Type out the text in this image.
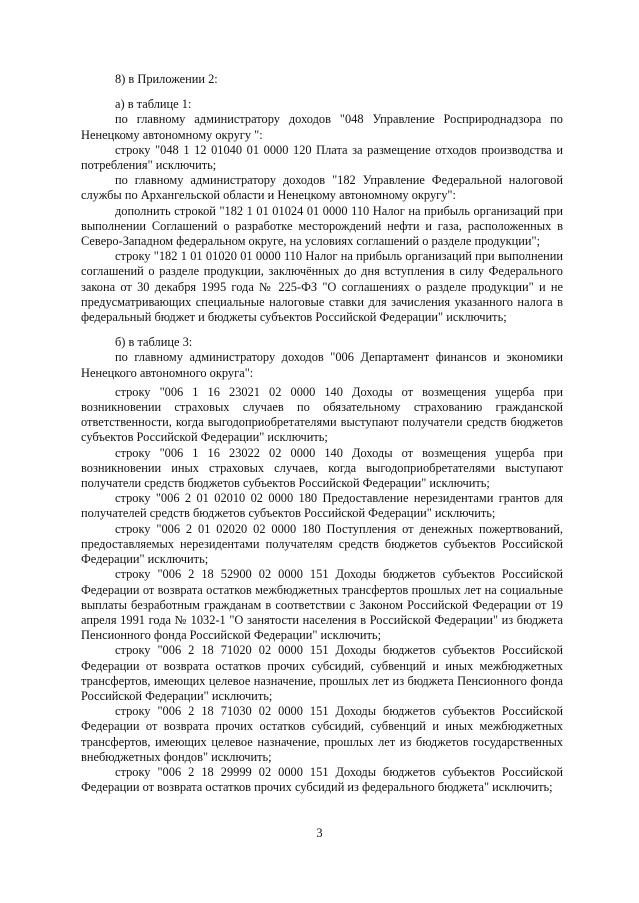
8) в Приложении 2:

а) в таблице 1:

по главному администратору доходов "048 Управление Росприроднадзора по Ненецкому автономному округу ":

строку "048 1 12 01040 01 0000 120 Плата за размещение отходов производства и потребления" исключить;

по главному администратору доходов "182 Управление Федеральной налоговой службы по Архангельской области и Ненецкому автономному округу":

дополнить строкой "182 1 01 01024 01 0000 110 Налог на прибыль организаций при выполнении Соглашений о разработке месторождений нефти и газа, расположенных в Северо-Западном федеральном округе, на условиях соглашений о разделе продукции";

строку "182 1 01 01020 01 0000 110 Налог на прибыль организаций при выполнении соглашений о разделе продукции, заключённых до дня вступления в силу Федерального закона от 30 декабря 1995 года № 225-ФЗ "О соглашениях о разделе продукции" и не предусматривающих специальные налоговые ставки для зачисления указанного налога в федеральный бюджет и бюджеты субъектов Российской Федерации" исключить;

б) в таблице 3:

по главному администратору доходов "006 Департамент финансов и экономики Ненецкого автономного округа":

строку "006 1 16 23021 02 0000 140 Доходы от возмещения ущерба при возникновении страховых случаев по обязательному страхованию гражданской ответственности, когда выгодоприобретателями выступают получатели средств бюджетов субъектов Российской Федерации" исключить;

строку "006 1 16 23022 02 0000 140 Доходы от возмещения ущерба при возникновении иных страховых случаев, когда выгодоприобретателями выступают получатели средств бюджетов субъектов Российской Федерации" исключить;

строку "006 2 01 02010 02 0000 180 Предоставление нерезидентами грантов для получателей средств бюджетов субъектов Российской Федерации" исключить;

строку "006 2 01 02020 02 0000 180 Поступления от денежных пожертвований, предоставляемых нерезидентами получателям средств бюджетов субъектов Российской Федерации" исключить;

строку "006 2 18 52900 02 0000 151 Доходы бюджетов субъектов Российской Федерации от возврата остатков межбюджетных трансфертов прошлых лет на социальные выплаты безработным гражданам в соответствии с Законом Российской Федерации от 19 апреля 1991 года № 1032-1 "О занятости населения в Российской Федерации" из бюджета Пенсионного фонда Российской Федерации" исключить;

строку "006 2 18 71020 02 0000 151 Доходы бюджетов субъектов Российской Федерации от возврата остатков прочих субсидий, субвенций и иных межбюджетных трансфертов, имеющих целевое назначение, прошлых лет из бюджета Пенсионного фонда Российской Федерации" исключить;

строку "006 2 18 71030 02 0000 151 Доходы бюджетов субъектов Российской Федерации от возврата прочих остатков субсидий, субвенций и иных межбюджетных трансфертов, имеющих целевое назначение, прошлых лет из бюджетов государственных внебюджетных фондов" исключить;

строку "006 2 18 29999 02 0000 151 Доходы бюджетов субъектов Российской Федерации от возврата остатков прочих субсидий из федерального бюджета" исключить;

3
